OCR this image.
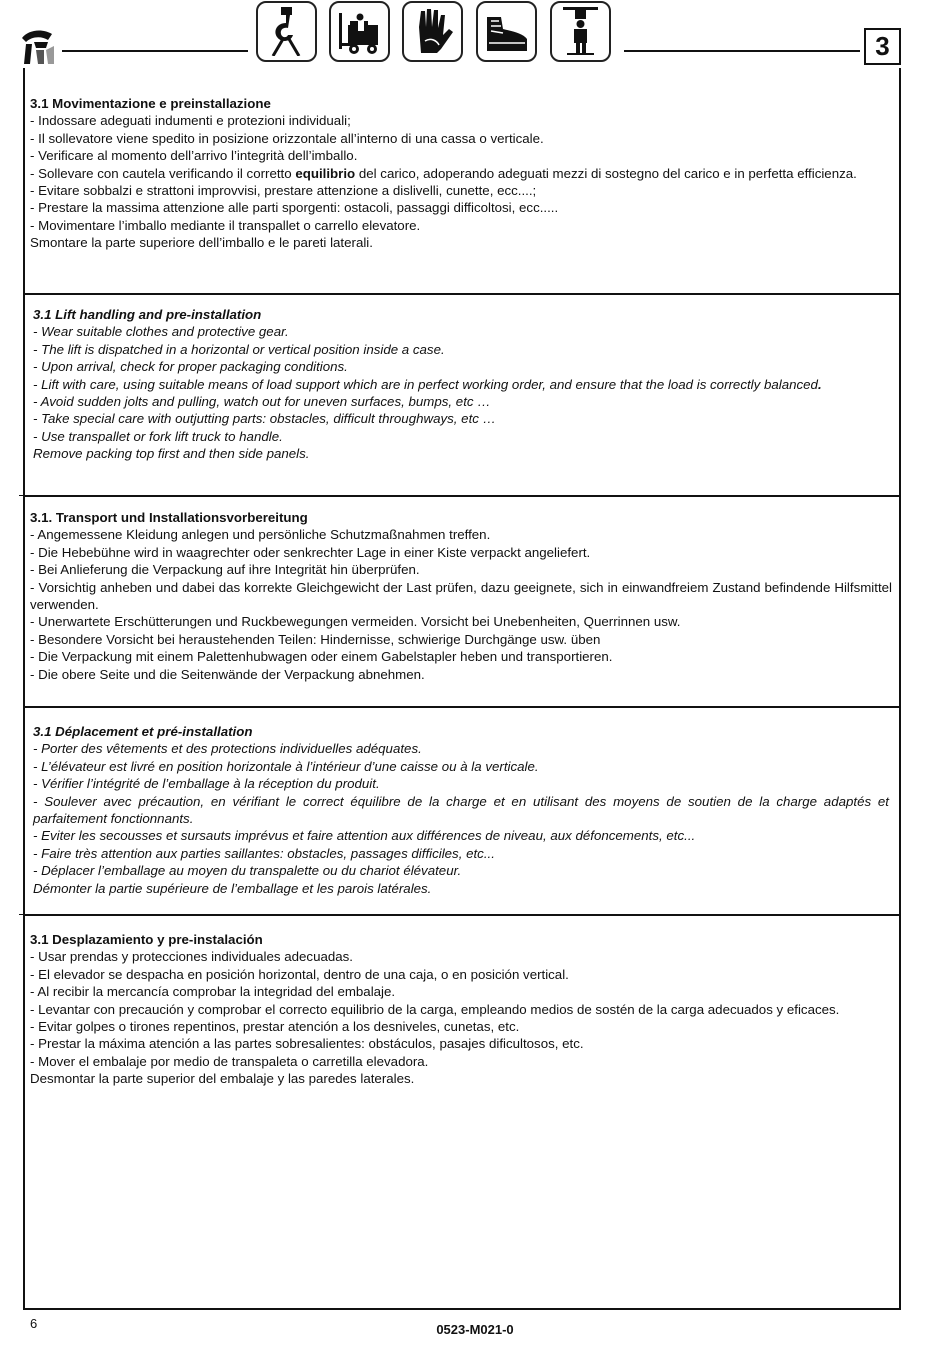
3
3.1 Movimentazione e preinstallazione
- Indossare adeguati indumenti e protezioni individuali;
- Il sollevatore viene spedito in posizione orizzontale all’interno di una cassa o verticale.
- Verificare al momento dell’arrivo l’integrità dell’imballo.
- Sollevare con cautela verificando il corretto equilibrio del carico, adoperando adeguati mezzi di sostegno del carico e in perfetta efficienza.
- Evitare sobbalzi e strattoni improvvisi, prestare attenzione a dislivelli, cunette, ecc....;
- Prestare la massima attenzione alle parti sporgenti: ostacoli, passaggi difficoltosi, ecc.....
- Movimentare l’imballo mediante il transpallet o carrello elevatore.
Smontare la parte superiore dell’imballo e le pareti laterali.
3.1 Lift handling and pre-installation
- Wear suitable clothes and protective gear.
- The lift is dispatched in a horizontal or vertical position inside a case.
- Upon arrival, check for proper packaging conditions.
- Lift with care, using suitable means of load support which are in perfect working order, and ensure that the load is correctly balanced.
- Avoid sudden jolts and pulling, watch out for uneven surfaces, bumps, etc …
- Take special care with outjutting parts: obstacles, difficult throughways, etc …
- Use transpallet or fork lift truck to handle.
Remove packing top first and then side panels.
3.1. Transport und Installationsvorbereitung
- Angemessene Kleidung anlegen und persönliche Schutzmaßnahmen treffen.
- Die Hebebühne wird in waagrechter oder senkrechter Lage in einer Kiste verpackt angeliefert.
- Bei Anlieferung die Verpackung auf ihre Integrität hin überprüfen.
- Vorsichtig anheben und dabei das korrekte Gleichgewicht der Last prüfen, dazu geeignete, sich in einwandfreiem Zustand befindende Hilfsmittel verwenden.
- Unerwartete Erschütterungen und Ruckbewegungen vermeiden. Vorsicht bei Unebenheiten, Querrinnen usw.
- Besondere Vorsicht bei heraustehenden Teilen: Hindernisse, schwierige Durchgänge usw. üben
- Die Verpackung mit einem Palettenhubwagen oder einem Gabelstapler heben und transportieren.
- Die obere Seite und die Seitenwände der Verpackung abnehmen.
3.1 Déplacement et pré-installation
- Porter des vêtements et des protections individuelles adéquates.
- L’élévateur est livré en position horizontale à l’intérieur d’une caisse ou à la verticale.
- Vérifier l’intégrité de l’emballage à la réception du produit.
- Soulever avec précaution, en vérifiant le correct équilibre de la charge et en utilisant des moyens de soutien de la charge adaptés et parfaitement fonctionnants.
- Eviter les secousses et sursauts imprévus et faire attention aux différences de niveau, aux défoncements, etc...
- Faire très attention aux parties saillantes: obstacles, passages difficiles, etc...
- Déplacer l’emballage au moyen du transpalette ou du chariot élévateur.
Démonter la partie supérieure de l’emballage et les parois latérales.
3.1 Desplazamiento y pre-instalación
- Usar prendas y protecciones individuales adecuadas.
- El elevador se despacha en posición horizontal, dentro de una caja, o en posición vertical.
- Al recibir la mercancía comprobar la integridad del embalaje.
- Levantar con precaución y comprobar el correcto equilibrio de la carga, empleando medios de sostén de la carga adecuados y eficaces.
- Evitar golpes o tirones repentinos, prestar atención a los desniveles, cunetas, etc.
- Prestar la máxima atención a las partes sobresalientes: obstáculos, pasajes dificultosos, etc.
- Mover el embalaje por medio de transpaleta o carretilla elevadora.
Desmontar la parte superior del embalaje y las paredes laterales.
6	0523-M021-0
